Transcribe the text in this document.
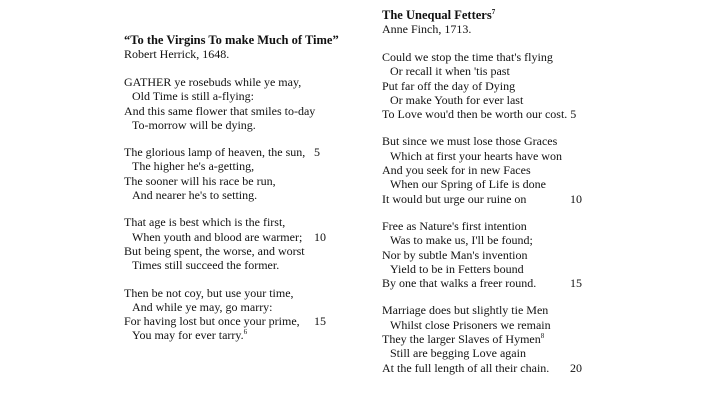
“To the Virgins To make Much of Time”
Robert Herrick, 1648.
GATHER ye rosebuds while ye may,
Old Time is still a-flying:
And this same flower that smiles to-day
To-morrow will be dying.
The glorious lamp of heaven, the sun, 5
The higher he's a-getting,
The sooner will his race be run,
And nearer he's to setting.
That age is best which is the first,
When youth and blood are warmer; 10
But being spent, the worse, and worst
Times still succeed the former.
Then be not coy, but use your time,
And while ye may, go marry:
For having lost but once your prime, 15
You may for ever tarry.$^6$
The Unequal Fetters$^7$
Anne Finch, 1713.
Could we stop the time that's flying
Or recall it when 'tis past
Put far off the day of Dying
Or make Youth for ever last
To Love wou'd then be worth our cost. 5
But since we must lose those Graces
Which at first your hearts have won
And you seek for in new Faces
When our Spring of Life is done
It would but urge our ruine on	10
Free as Nature's first intention
Was to make us, I'll be found;
Nor by subtle Man's invention
Yield to be in Fetters bound
By one that walks a freer round.	15
Marriage does but slightly tie Men
Whilst close Prisoners we remain
They the larger Slaves of Hymen$^8$
Still are begging Love again
At the full length of all their chain. 20
